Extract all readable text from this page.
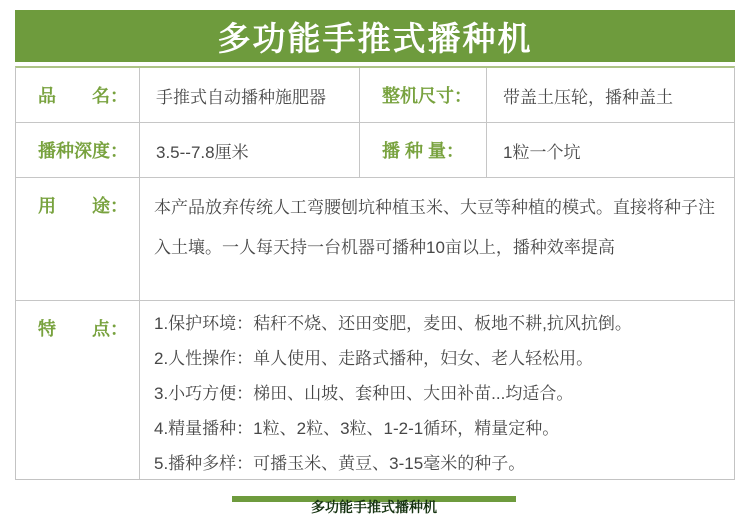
多功能手推式播种机
品　　名：	手推式自动播种施肥器	整机尺寸：	带盖土压轮，播种盖土
播种深度：	3.5--7.8厘米	播 种 量：	1粒一个坑
用　　途：	本产品放弃传统人工弯腰刨坑种植玉米、大豆等种植的模式。直接将种子注入土壤。一人每天持一台机器可播种10亩以上，播种效率提高
特　　点：	1.保护环境：秸秆不烧、还田变肥，麦田、板地不耕,抗风抗倒。
2.人性操作：单人使用、走路式播种，妇女、老人轻松用。
3.小巧方便：梯田、山坡、套种田、大田补苗...均适合。
4.精量播种：1粒、2粒、3粒、1-2-1循环，精量定种。
5.播种多样：可播玉米、黄豆、3-15毫米的种子。
多功能手推式播种机
